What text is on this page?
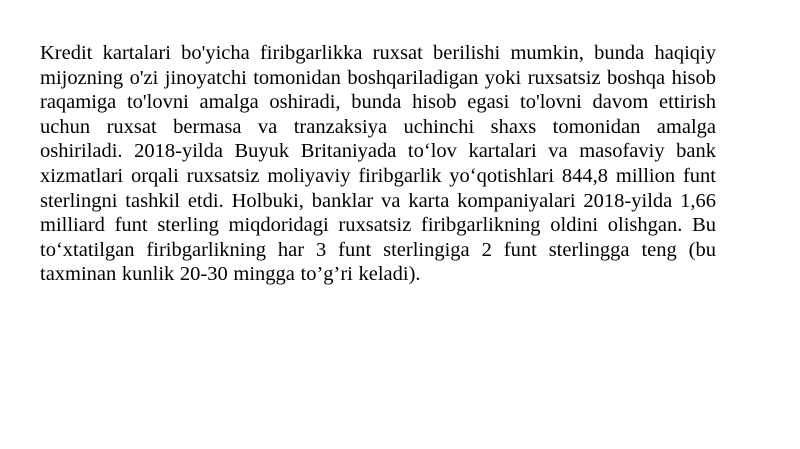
Kredit kartalari bo'yicha firibgarlikka ruxsat berilishi mumkin, bunda haqiqiy mijozning o'zi jinoyatchi tomonidan boshqariladigan yoki ruxsatsiz boshqa hisob raqamiga to'lovni amalga oshiradi, bunda hisob egasi to'lovni davom ettirish uchun ruxsat bermasa va tranzaksiya uchinchi shaxs tomonidan amalga oshiriladi. 2018-yilda Buyuk Britaniyada to‘lov kartalari va masofaviy bank xizmatlari orqali ruxsatsiz moliyaviy firibgarlik yo‘qotishlari 844,8 million funt sterlingni tashkil etdi. Holbuki, banklar va karta kompaniyalari 2018-yilda 1,66 milliard funt sterling miqdoridagi ruxsatsiz firibgarlikning oldini olishgan. Bu to‘xtatilgan firibgarlikning har 3 funt sterlingiga 2 funt sterlingga teng (bu taxminan kunlik 20-30 mingga to’g’ri keladi).
